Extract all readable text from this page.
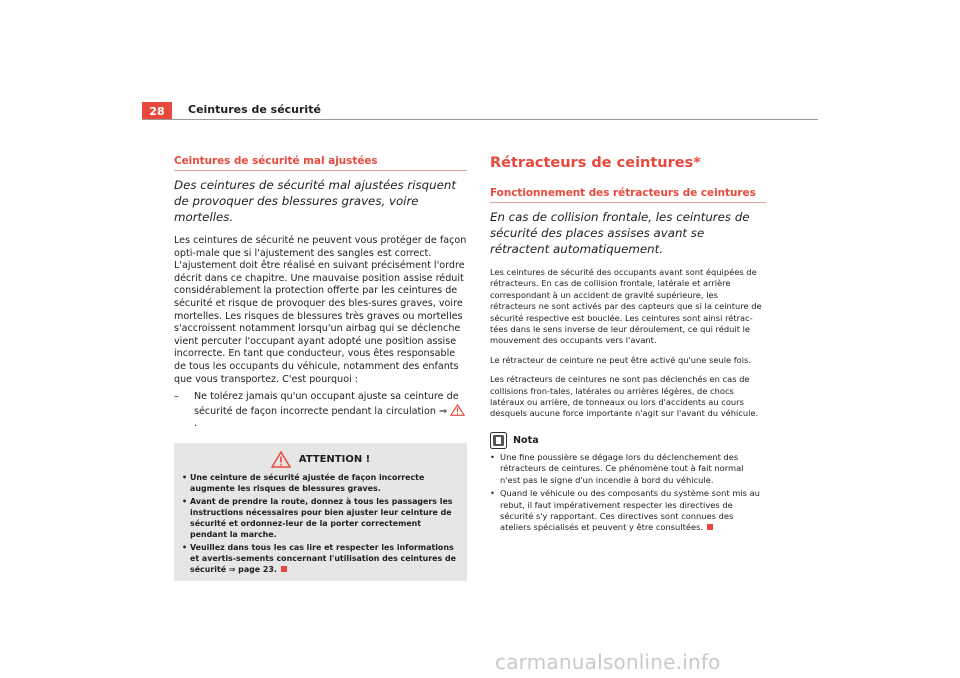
28 Ceintures de sécurité
Ceintures de sécurité mal ajustées

Des ceintures de sécurité mal ajustées risquent de provoquer des blessures graves, voire mortelles.

Les ceintures de sécurité ne peuvent vous protéger de façon opti-male que si l'ajustement des sangles est correct. L'ajustement doit être réalisé en suivant précisément l'ordre décrit dans ce chapitre. Une mauvaise position assise réduit considérablement la protection offerte par les ceintures de sécurité et risque de provoquer des bles-sures graves, voire mortelles. Les risques de blessures très graves ou mortelles s'accroissent notamment lorsqu'un airbag qui se déclenche vient percuter l'occupant ayant adopté une position assise incorrecte. En tant que conducteur, vous êtes responsable de tous les occupants du véhicule, notamment des enfants que vous transportez. C'est pourquoi :

–	Ne tolérez jamais qu'un occupant ajuste sa ceinture de sécurité de façon incorrecte pendant la circulation ⇒ .
ATTENTION !
• Une ceinture de sécurité ajustée de façon incorrecte augmente les risques de blessures graves.
• Avant de prendre la route, donnez à tous les passagers les instructions nécessaires pour bien ajuster leur ceinture de sécurité et ordonnez-leur de la porter correctement pendant la marche.
• Veuillez dans tous les cas lire et respecter les informations et avertis-sements concernant l'utilisation des ceintures de sécurité ⇒ page 23.
Rétracteurs de ceintures*
Fonctionnement des rétracteurs de ceintures

En cas de collision frontale, les ceintures de sécurité des places assises avant se rétractent automatiquement.

Les ceintures de sécurité des occupants avant sont équipées de rétracteurs. En cas de collision frontale, latérale et arrière correspondant à un accident de gravité supérieure, les rétracteurs ne sont activés par des capteurs que si la ceinture de sécurité respective est bouclée. Les ceintures sont ainsi rétrac-tées dans le sens inverse de leur déroulement, ce qui réduit le mouvement des occupants vers l'avant.

Le rétracteur de ceinture ne peut être activé qu'une seule fois.

Les rétracteurs de ceintures ne sont pas déclenchés en cas de collisions fron-tales, latérales ou arrières légères, de chocs latéraux ou arrière, de tonneaux ou lors d'accidents au cours desquels aucune force importante n'agit sur l'avant du véhicule.

Nota
• Une fine poussière se dégage lors du déclenchement des rétracteurs de ceintures. Ce phénomène tout à fait normal n'est pas le signe d'un incendie à bord du véhicule.
• Quand le véhicule ou des composants du système sont mis au rebut, il faut impérativement respecter les directives de sécurité s'y rapportant. Ces directives sont connues des ateliers spécialisés et peuvent y être consultées.
carmanualsonline.info
